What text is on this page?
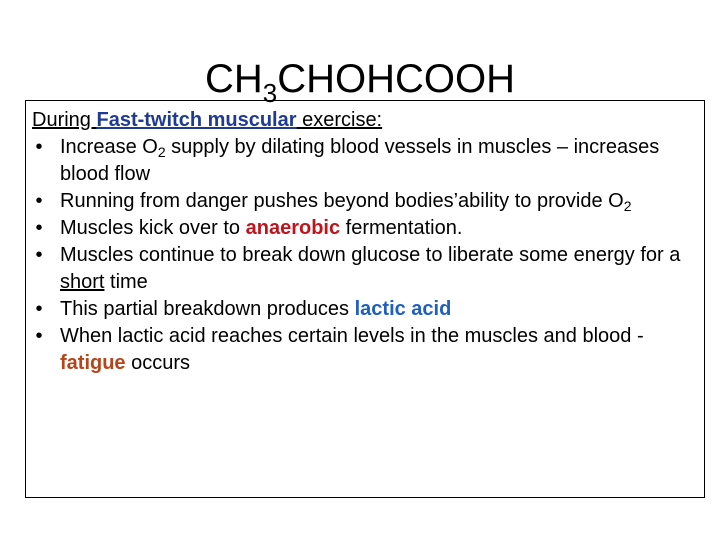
$CH_3CHOHCOOH$

During Fast-twitch muscular exercise:

• Increase $O_2$ supply by dilating blood vessels in muscles – increases blood flow
• Running from danger pushes beyond bodies’ability to provide $O_2$
• Muscles kick over to anaerobic fermentation.
• Muscles continue to break down glucose to liberate some energy for a short time
• This partial breakdown produces lactic acid
• When lactic acid reaches certain levels in the muscles and blood - fatigue occurs
